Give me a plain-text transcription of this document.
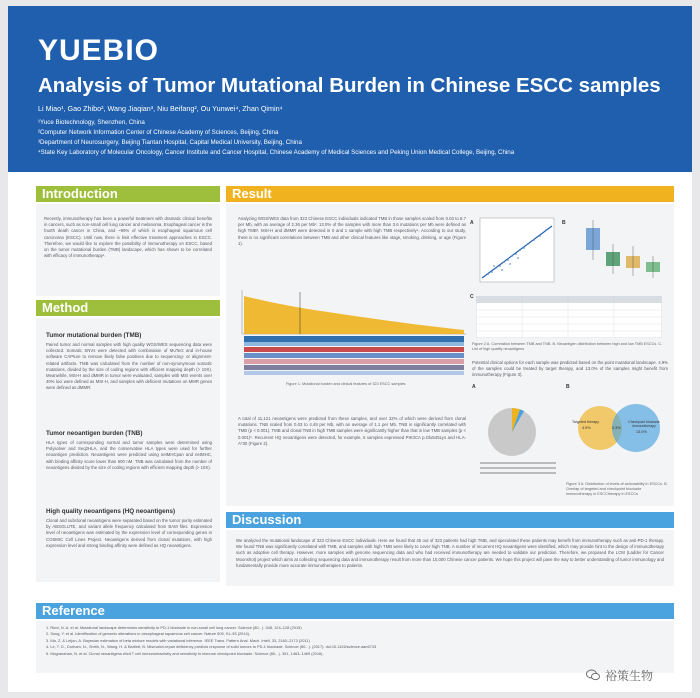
YUEBIO
Analysis of Tumor Mutational Burden in Chinese ESCC samples
Li Miao¹, Gao Zhibo², Wang Jiaqian³, Niu Beifang², Ou Yunwei⁴, Zhan Qimin⁴
¹Yuce Biotechnology, Shenzhen, China
²Computer Network Information Center of Chinese Academy of Sciences, Beijing, China
³Department of Neurosurgery, Beijing Tiantan Hospital, Capital Medical University, Beijing, China
⁴State Key Laboratory of Molecular Oncology, Cancer Institute and Cancer Hospital, Chinese Academy of Medical Sciences and Peking Union Medical College, Beijing, China
Introduction
Recently, immunotherapy has been a powerful treatment with dramatic clinical benefits in cancers, such as non-small cell lung cancer and melanoma. Esophageal cancer is the fourth death cancer in China, and ~90% of which is esophageal squamous cell carcinoma (ESCC). Until now, there is limit effective treatment approaches in ESCC. Therefore, we would like to explore the possibility of immunotherapy on ESCC, based on the tumor mutational burden (TMB) landscape, which has shown to be correlated with efficacy of immunotherapy¹.
Method
Tumor mutational burden (TMB)
Paired tumor and normal samples with high quality WGS/WES sequencing data were collected. Somatic SNVs were detected with combination of MuTect and in-house software CAPture to remove likely false positives due to sequencing- or alignment-related artifacts. TMB was calculated from the number of non-synonymous somatic mutations, divided by the size of coding regions with efficient mapping depth (> 10X). Meanwhile, MSI-H and dMMR in tumor were evaluated, samples with MSI events over 40% loci were defined as MSI-H, and samples with deficient mutations on MMR genes were defined as dMMR.
Tumor neoantigen burden (TNB)
HLA types of corresponding normal and tumor samples were determined using Polysolver and Seq2HLA, and the conservative HLA types were used for further neoantigen prediction. Neoantigens were predicted using netMHCpan and netMHC, with binding affinity score lower than 500 nM. TNB was calculated from the number of neoantigens divided by the size of coding regions with efficient mapping depth (> 10X).
High quality neoantigens (HQ neoantigens)
Clonal and subclonal neoantigens were separated based on the tumor purity estimated by ABSOLUTE, and variant allele frequency calculated from BAM files. Expression level of neoantigens was estimated by the expression level of corresponding genes in COSMIC Cell Lines Project. Neoantigens derived from clonal mutations, with high expression level and strong binding affinity were defined as HQ neoantigens.
Result
Analyzing WGS/WES data from 323 Chinese ESCC individuals indicated TMB in those samples scaled from 0.03 to 8.7 per Mb, with an average of 2.36 per Mb². 13.0% of the samples with more than 3.6 mutations per Mb were defined as high TMB³. MSI-H and dMMR were detected in 0 and 1 sample with high TMB respectively⁴. According to our study, there is no significant correlations between TMB and other clinical features like stage, smoking, drinking, or age (Figure 1).
Figure 1. Mutational burden and clinical features of 323 ESCC samples
A total of 11,121 neoantigens were predicted from these samples, and over 32% of which were derived from clonal mutations. TNB scaled from 0.03 to 4.48 per Mb, with an average of 1.1 per Mb. TNB is significantly correlated with TMB (p < 0.001). TMB and clonal TNB in high TMB samples were significantly higher than that in low TMB samples (p < 0.001)⁵. Recurrent HQ neoantigens were detected, for example, 5 samples expressed PIK3CA p.Glu545Lys and HLA-A*30 (Figure 2).
A	B
C
Figure 2 A. Correlation between TMB and TNB. B. Neoantigen distribution between high and low TMB ESCCs. C. List of high quality neoantigens
Potential clinical options for each sample was predicted based on the point mutational landscape. 4.9% of the samples could be treated by target therapy, and 13.0% of the samples might benefit from immunotherapy (Figure 3).
A	B
Targeted therapy
4.9%	0.3%
Checkpoint blockade immunotherapy
13.0%
Figure 3 A. Distribution of levels of actionability in ESCCs. B. Overlap of targeted and checkpoint blockade immunotherapy in ESCCtherapy in ESCCs
Discussion
We analyzed the mutational landscape of 323 Chinese ESCC individuals. Here we found that 45 out of 323 patients had high TMB, and speculated these patients may benefit from immunotherapy such as anti-PD-1 therapy. We found TNB was significantly correlated with TMB, and samples with high TMB were likely to cover high TNB. A number of recurrent HQ neoantigens were identified, which may provide hint to the design of immunotherapy such as adoptive cell therapy. However, more samples with genome sequencing data and who had received immunotherapy are needed to validate our prediction. Therefore, we proposed the LCM (Ladder for Cancer Moonshot) project which aims at collecting sequencing data and immunotherapy result from more than 10,000 Chinese cancer patients. We hope this project will pave the way to better understanding of tumor immunology and fundamentally provide more accurate immunotherapies to patients.
Reference
1. Rizvi, N. A. et al. Mutational landscape determines sensitivity to PD-1 blockade in non-small cell lung cancer. Science (80-. ). 348, 124–128 (2015)
2. Song, Y. et al. Identification of genomic alterations in oesophageal squamous cell cancer. Nature 509, 91–95 (2014).
3. Ma, Z. & Leijon, A. Bayesian estimation of beta mixture models with variational inference. IEEE Trans. Pattern Anal. Mach. Intell. 33, 2160–2173 (2011)
4. Le, T. D., Durham, N., Smith, N., Wang, H. & Bartlett, B. Mismatch-repair deficiency predicts response of solid tumors to PD-1 blockade. Science (80-. ). (2017). doi:10.1126/science.aan6733
5. Mcgranahan, N. et al. Clonal neoantigens elicit T cell immunoreactivity and sensitivity to immune checkpoint blockade. Science (80-. ). 351, 1463–1469 (2016).
裕策生物
